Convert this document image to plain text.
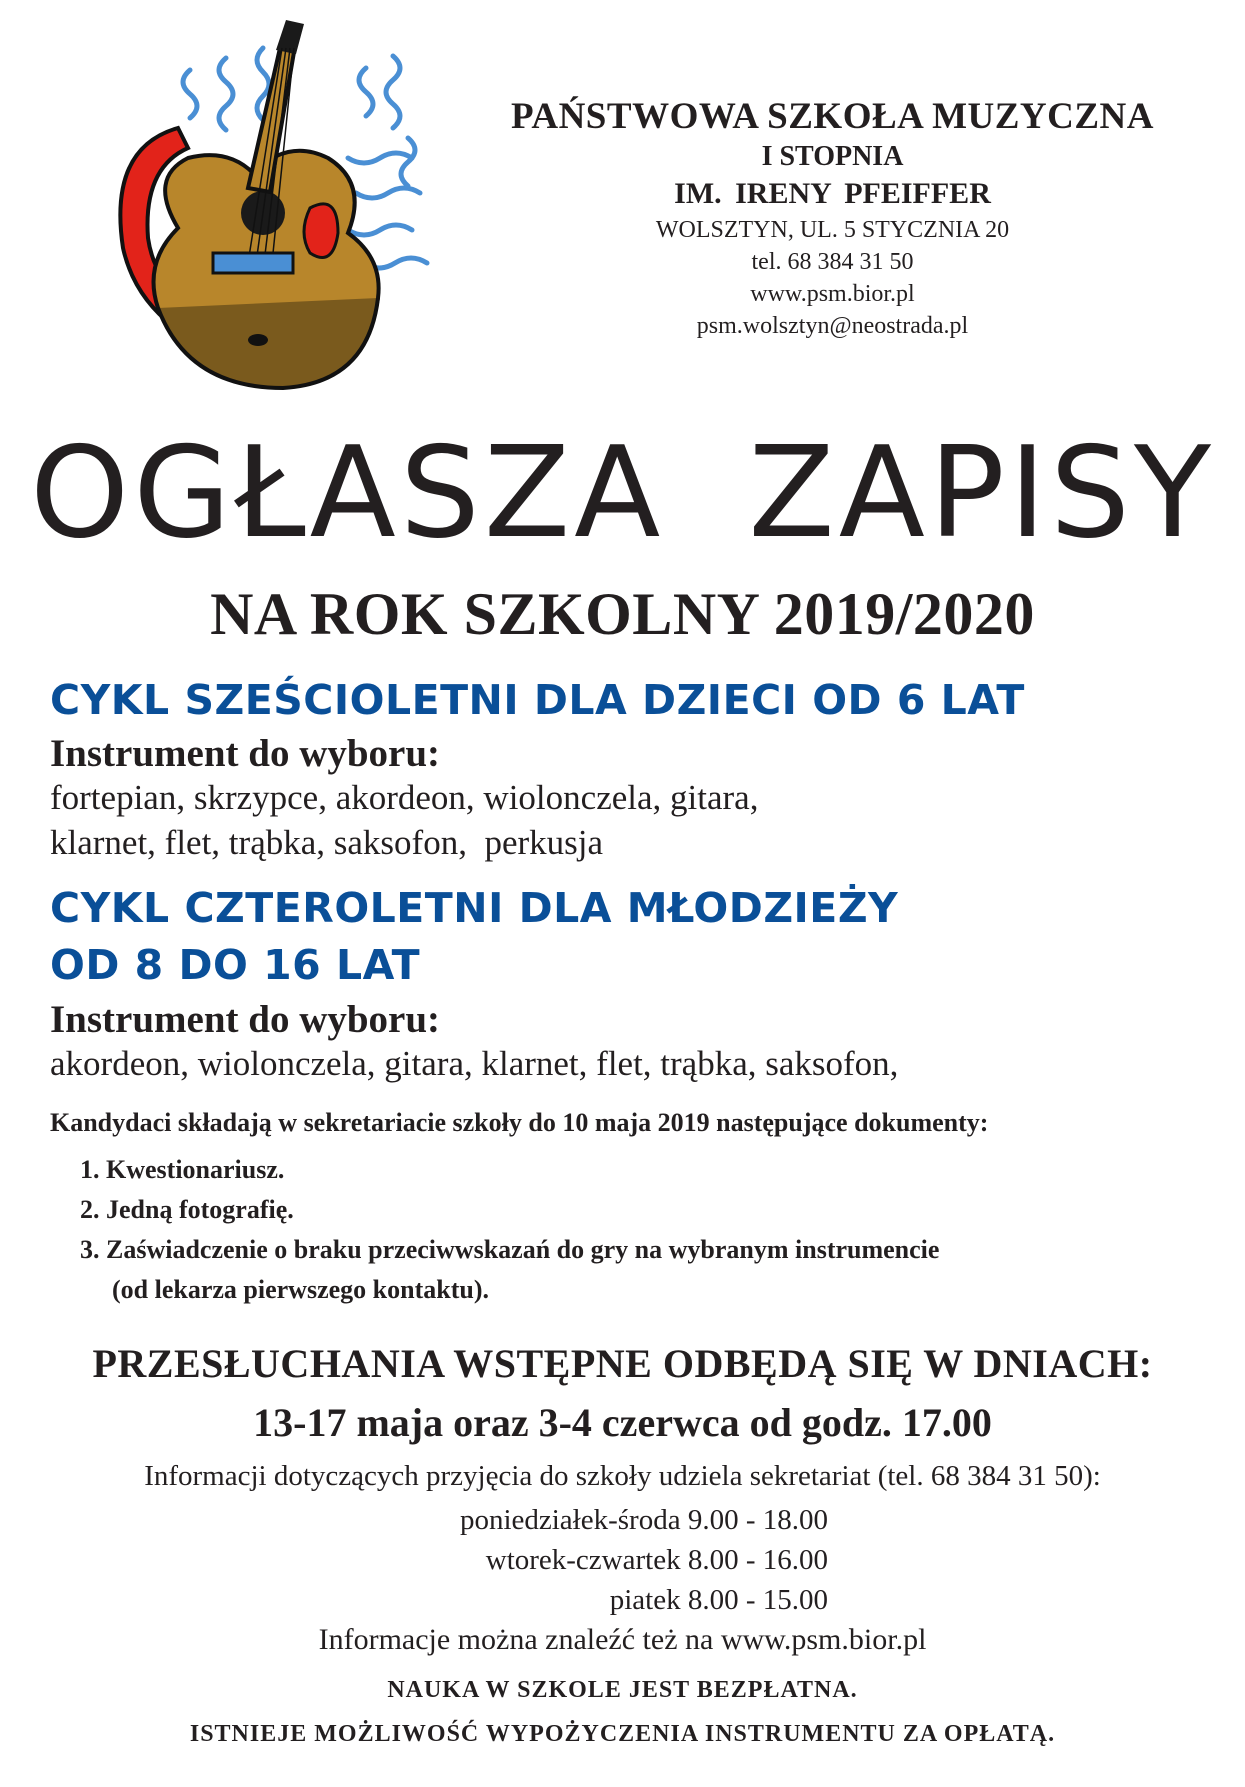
PAŃSTWOWA SZKOŁA MUZYCZNA
I STOPNIA
IM. IRENY PFEIFFER
WOLSZTYN, UL. 5 STYCZNIA 20
tel. 68 384 31 50
www.psm.bior.pl
psm.wolsztyn@neostrada.pl
OGŁASZA ZAPISY
NA ROK SZKOLNY 2019/2020
CYKL SZEŚCIOLETNI DLA DZIECI OD 6 LAT
Instrument do wyboru:
fortepian, skrzypce, akordeon, wiolonczela, gitara,
klarnet, flet, trąbka, saksofon,  perkusja
CYKL CZTEROLETNI DLA MŁODZIEŻY
OD 8 DO 16 LAT
Instrument do wyboru:
akordeon, wiolonczela, gitara, klarnet, flet, trąbka, saksofon,
Kandydaci składają w sekretariacie szkoły do 10 maja 2019 następujące dokumenty:
1. Kwestionariusz.
2. Jedną fotografię.
3. Zaświadczenie o braku przeciwwskazań do gry na wybranym instrumencie
(od lekarza pierwszego kontaktu).
PRZESŁUCHANIA WSTĘPNE ODBĘDĄ SIĘ W DNIACH:
13-17 maja oraz 3-4 czerwca od godz. 17.00
Informacji dotyczących przyjęcia do szkoły udziela sekretariat (tel. 68 384 31 50):
poniedziałek-środa 9.00 - 18.00
wtorek-czwartek 8.00 - 16.00
piatek 8.00 - 15.00
Informacje można znaleźć też na www.psm.bior.pl
NAUKA W SZKOLE JEST BEZPŁATNA.
ISTNIEJE MOŻLIWOŚĆ WYPOŻYCZENIA INSTRUMENTU ZA OPŁATĄ.
